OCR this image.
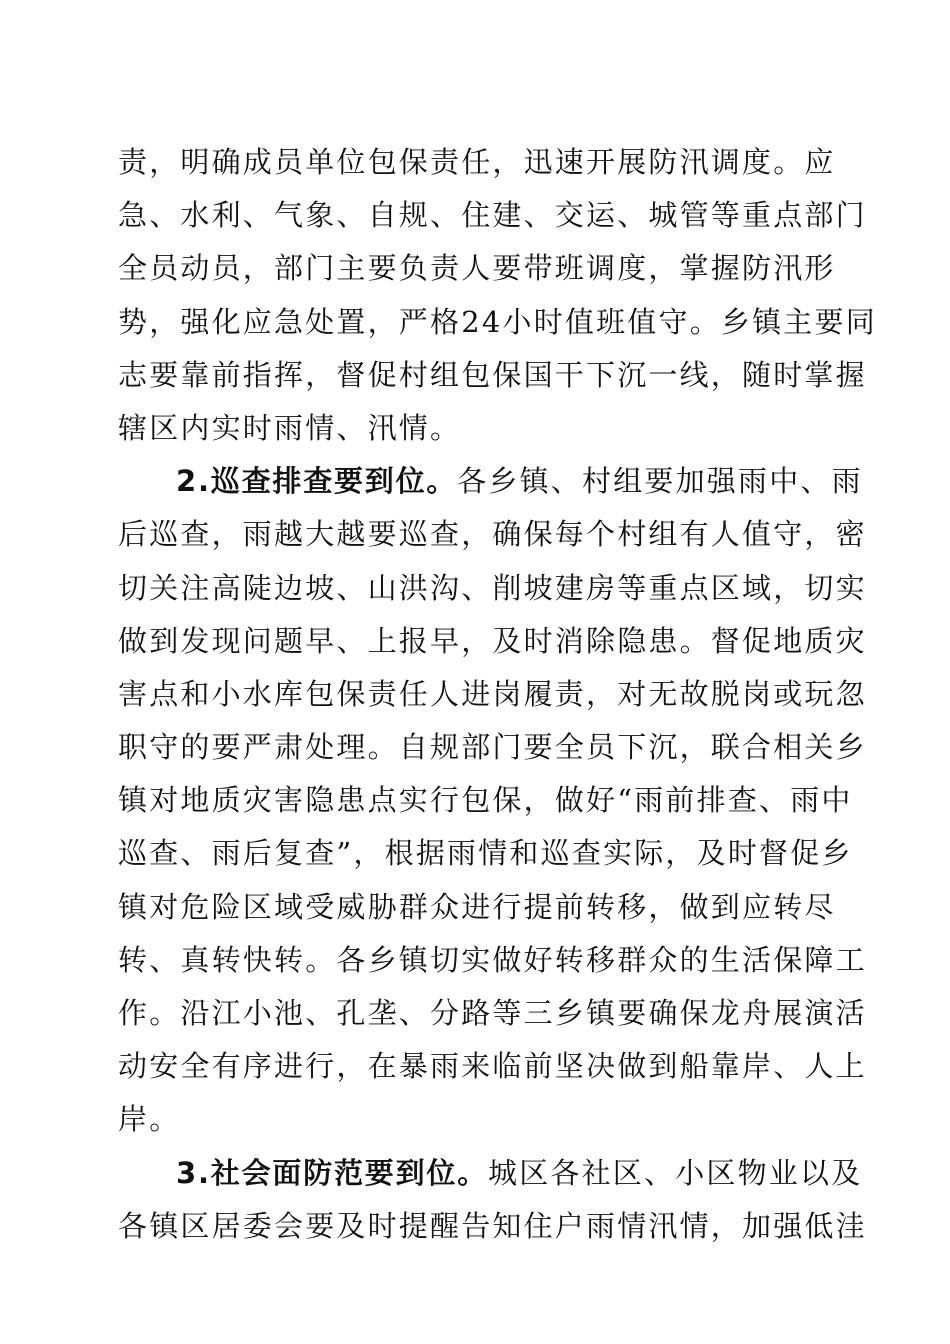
责，明确成员单位包保责任，迅速开展防汛调度。应
急、水利、气象、自规、住建、交运、城管等重点部门
全员动员，部门主要负责人要带班调度，掌握防汛形
势，强化应急处置，严格24小时值班值守。乡镇主要同
志要靠前指挥，督促村组包保国干下沉一线，随时掌握
辖区内实时雨情、汛情。
2.巡查排查要到位。各乡镇、村组要加强雨中、雨
后巡查，雨越大越要巡查，确保每个村组有人值守，密
切关注高陡边坡、山洪沟、削坡建房等重点区域，切实
做到发现问题早、上报早，及时消除隐患。督促地质灾
害点和小水库包保责任人进岗履责，对无故脱岗或玩忽
职守的要严肃处理。自规部门要全员下沉，联合相关乡
镇对地质灾害隐患点实行包保，做好“雨前排查、雨中
巡查、雨后复查”，根据雨情和巡查实际，及时督促乡
镇对危险区域受威胁群众进行提前转移，做到应转尽
转、真转快转。各乡镇切实做好转移群众的生活保障工
作。沿江小池、孔垄、分路等三乡镇要确保龙舟展演活
动安全有序进行，在暴雨来临前坚决做到船靠岸、人上
岸。
3.社会面防范要到位。城区各社区、小区物业以及
各镇区居委会要及时提醒告知住户雨情汛情，加强低洼
